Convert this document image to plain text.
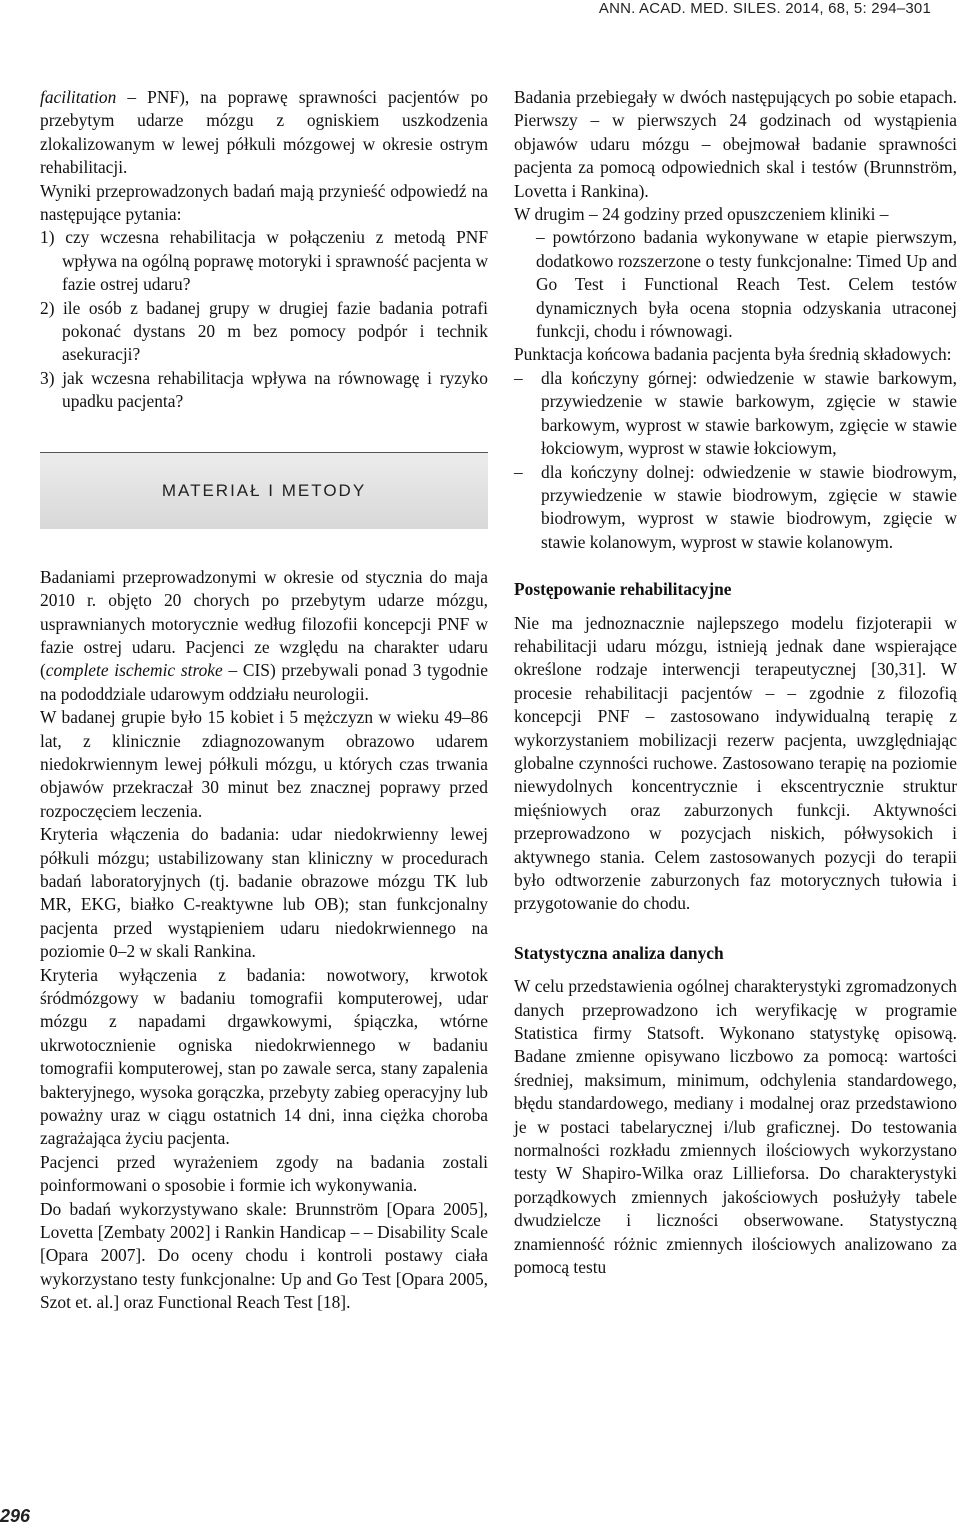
ANN. ACAD. MED. SILES. 2014, 68, 5: 294–301

facilitation – PNF), na poprawę sprawności pacjentów po przebytym udarze mózgu z ogniskiem uszkodzenia zlokalizowanym w lewej półkuli mózgowej w okresie ostrym rehabilitacji.

Wyniki przeprowadzonych badań mają przynieść odpowiedź na następujące pytania:

1) czy wczesna rehabilitacja w połączeniu z metodą PNF wpływa na ogólną poprawę motoryki i sprawność pacjenta w fazie ostrej udaru?

2) ile osób z badanej grupy w drugiej fazie badania potrafi pokonać dystans 20 m bez pomocy podpór i technik asekuracji?

3) jak wczesna rehabilitacja wpływa na równowagę i ryzyko upadku pacjenta?

MATERIAŁ I METODY

Badaniami przeprowadzonymi w okresie od stycznia do maja 2010 r. objęto 20 chorych po przebytym udarze mózgu, usprawnianych motorycznie według filozofii koncepcji PNF w fazie ostrej udaru. Pacjenci ze względu na charakter udaru (complete ischemic stroke – CIS) przebywali ponad 3 tygodnie na pododdziale udarowym oddziału neurologii.

W badanej grupie było 15 kobiet i 5 mężczyzn w wieku 49–86 lat, z klinicznie zdiagnozowanym obrazowo udarem niedokrwiennym lewej półkuli mózgu, u których czas trwania objawów przekraczał 30 minut bez znacznej poprawy przed rozpoczęciem leczenia.

Kryteria włączenia do badania: udar niedokrwienny lewej półkuli mózgu; ustabilizowany stan kliniczny w procedurach badań laboratoryjnych (tj. badanie obrazowe mózgu TK lub MR, EKG, białko C-reaktywne lub OB); stan funkcjonalny pacjenta przed wystąpieniem udaru niedokrwiennego na poziomie 0–2 w skali Rankina.

Kryteria wyłączenia z badania: nowotwory, krwotok śródmózgowy w badaniu tomografii komputerowej, udar mózgu z napadami drgawkowymi, śpiączka, wtórne ukrwotocznienie ogniska niedokrwiennego w badaniu tomografii komputerowej, stan po zawale serca, stany zapalenia bakteryjnego, wysoka gorączka, przebyty zabieg operacyjny lub poważny uraz w ciągu ostatnich 14 dni, inna ciężka choroba zagrażająca życiu pacjenta.

Pacjenci przed wyrażeniem zgody na badania zostali poinformowani o sposobie i formie ich wykonywania.

Do badań wykorzystywano skale: Brunnström [Opara 2005], Lovetta [Zembaty 2002] i Rankin Handicap – – Disability Scale [Opara 2007]. Do oceny chodu i kontroli postawy ciała wykorzystano testy funkcjonalne: Up and Go Test [Opara 2005, Szot et. al.] oraz Functional Reach Test [18].

Badania przebiegały w dwóch następujących po sobie etapach. Pierwszy – w pierwszych 24 godzinach od wystąpienia objawów udaru mózgu – obejmował badanie sprawności pacjenta za pomocą odpowiednich skal i testów (Brunnström, Lovetta i Rankina).

W drugim – 24 godziny przed opuszczeniem kliniki –

– powtórzono badania wykonywane w etapie pierwszym, dodatkowo rozszerzone o testy funkcjonalne: Timed Up and Go Test i Functional Reach Test. Celem testów dynamicznych była ocena stopnia odzyskania utraconej funkcji, chodu i równowagi.

Punktacja końcowa badania pacjenta była średnią składowych:

–	dla kończyny górnej: odwiedzenie w stawie barkowym, przywiedzenie w stawie barkowym, zgięcie w stawie barkowym, wyprost w stawie barkowym, zgięcie w stawie łokciowym, wyprost w stawie łokciowym,
–	dla kończyny dolnej: odwiedzenie w stawie biodrowym, przywiedzenie w stawie biodrowym, zgięcie w stawie biodrowym, wyprost w stawie biodrowym, zgięcie w stawie kolanowym, wyprost w stawie kolanowym.

Postępowanie rehabilitacyjne

Nie ma jednoznacznie najlepszego modelu fizjoterapii w rehabilitacji udaru mózgu, istnieją jednak dane wspierające określone rodzaje interwencji terapeutycznej [30,31]. W procesie rehabilitacji pacjentów – – zgodnie z filozofią koncepcji PNF – zastosowano indywidualną terapię z wykorzystaniem mobilizacji rezerw pacjenta, uwzględniając globalne czynności ruchowe. Zastosowano terapię na poziomie niewydolnych koncentrycznie i ekscentrycznie struktur mięśniowych oraz zaburzonych funkcji. Aktywności przeprowadzono w pozycjach niskich, półwysokich i aktywnego stania. Celem zastosowanych pozycji do terapii było odtworzenie zaburzonych faz motorycznych tułowia i przygotowanie do chodu.

Statystyczna analiza danych

W celu przedstawienia ogólnej charakterystyki zgromadzonych danych przeprowadzono ich weryfikację w programie Statistica firmy Statsoft. Wykonano statystykę opisową. Badane zmienne opisywano liczbowo za pomocą: wartości średniej, maksimum, minimum, odchylenia standardowego, błędu standardowego, mediany i modalnej oraz przedstawiono je w postaci tabelarycznej i/lub graficznej. Do testowania normalności rozkładu zmiennych ilościowych wykorzystano testy W Shapiro-Wilka oraz Lillieforsa. Do charakterystyki porządkowych zmiennych jakościowych posłużyły tabele dwudzielcze i liczności obserwowane. Statystyczną znamienność różnic zmiennych ilościowych analizowano za pomocą testu

296
